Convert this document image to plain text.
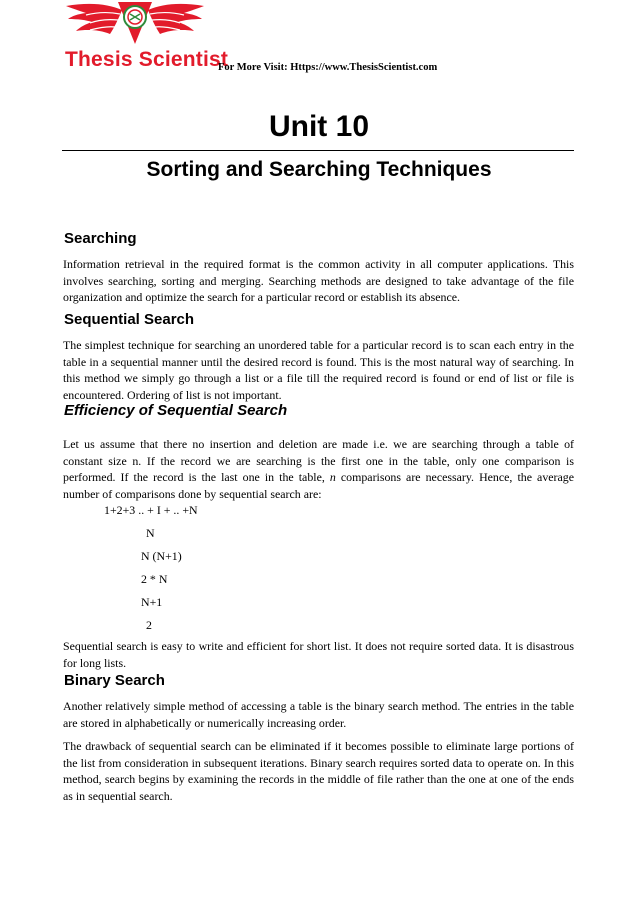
Thesis Scientist
For More Visit: Https://www.ThesisScientist.com
Unit 10
Sorting and Searching Techniques
Searching
Information retrieval in the required format is the common activity in all computer applications. This involves searching, sorting and merging. Searching methods are designed to take advantage of the file organization and optimize the search for a particular record or establish its absence.
Sequential Search
The simplest technique for searching an unordered table for a particular record is to scan each entry in the table in a sequential manner until the desired record is found. This is the most natural way of searching. In this method we simply go through a list or a file till the required record is found or end of list or file is encountered. Ordering of list is not important.
Efficiency of Sequential Search
Let us assume that there no insertion and deletion are made i.e. we are searching through a table of constant size n. If the record we are searching is the first one in the table, only one comparison is performed. If the record is the last one in the table, n comparisons are necessary. Hence, the average number of comparisons done by sequential search are:
1+2+3 .. + I + .. +N
N
N (N+1)
2 * N
N+1
2
Sequential search is easy to write and efficient for short list. It does not require sorted data. It is disastrous for long lists.
Binary Search
Another relatively simple method of accessing a table is the binary search method. The entries in the table are stored in alphabetically or numerically increasing order.
The drawback of sequential search can be eliminated if it becomes possible to eliminate large portions of the list from consideration in subsequent iterations. Binary search requires sorted data to operate on. In this method, search begins by examining the records in the middle of file rather than the one at one of the ends as in sequential search.
